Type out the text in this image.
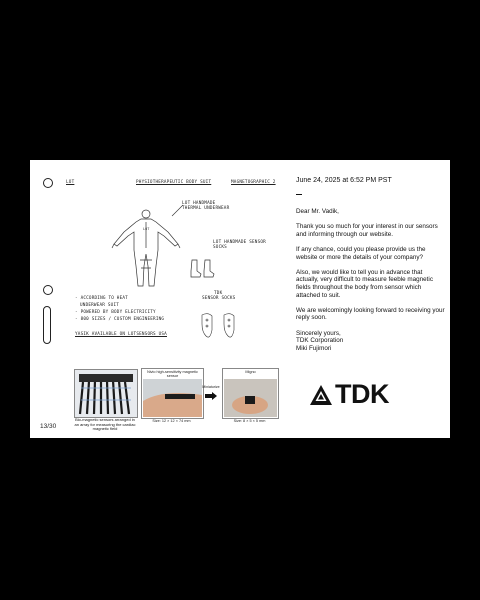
LOT	PHYSIOTHERAPEUTIC BODY SUIT	MAGNETOGRAPHIC 2
LOT
LOT HANDMADE
THERMAL UNDERWEAR
LOT HANDMADE SENSOR
SOCKS
TDK
SENSOR SOCKS
- ACCORDING TO HEAT
UNDERWEAR SUIT
- POWERED BY BODY ELECTRICITY
- 800 SIZES / CUSTOM ENGINEERING
YASIK AVAILABLE ON LOTSENSORS USA
Bio-magnetic sensors arranged in an array for measuring the cardiac magnetic field
Nivio high-sensitivity magnetic sensor
Size: 12 × 12 × 74 mm
Miniaturize
Migno
Size: 8 × 5 × 5 mm
13/30
June 24, 2025 at 6:52 PM PST

Dear Mr. Vadik,

Thank you so much for your interest in our sensors and informing through our website.

If any chance, could you please provide us the website or more the details of your company?

Also, we would like to tell you in advance that actually, very difficult to measure feeble magnetic fields throughout the body from sensor which attached to suit.

We are welcomingly looking forward to receiving your reply soon.

Sincerely yours,
TDK Corporation
Miki Fujimori
TDK
